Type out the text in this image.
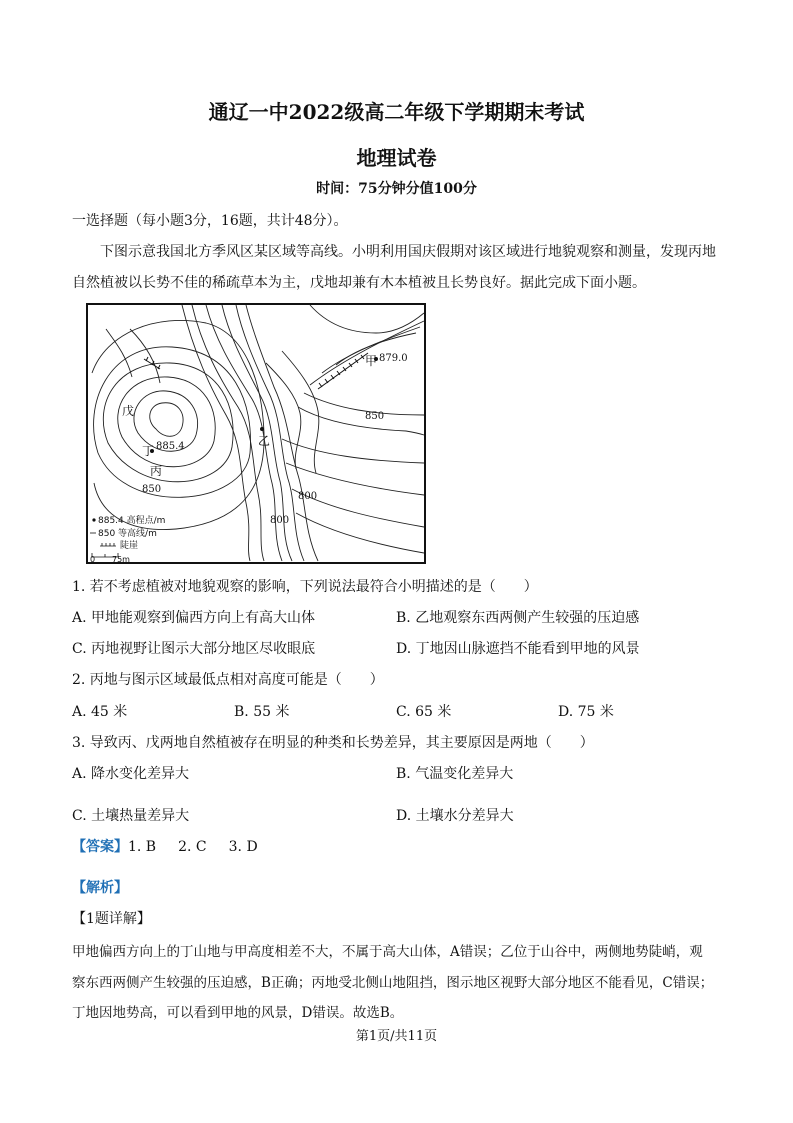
通辽一中2022级高二年级下学期期末考试
地理试卷
时间：75分钟分值100分
一选择题（每小题3分，16题，共计48分）。
下图示意我国北方季风区某区域等高线。小明利用国庆假期对该区域进行地貌观察和测量，发现丙地
自然植被以长势不佳的稀疏草本为主，戊地却兼有木本植被且长势良好。据此完成下面小题。
甲 879.0
850
戊
丁 885.4
丙
850
乙
800
800
885.4 高程点/m
850 等高线/m
陡崖
0 75m
1. 若不考虑植被对地貌观察的影响，下列说法最符合小明描述的是（　　）
A. 甲地能观察到偏西方向上有高大山体	B. 乙地观察东西两侧产生较强的压迫感
C. 丙地视野让图示大部分地区尽收眼底	D. 丁地因山脉遮挡不能看到甲地的风景
2. 丙地与图示区域最低点相对高度可能是（　　）
A. 45 米	B. 55 米	C. 65 米	D. 75 米
3. 导致丙、戊两地自然植被存在明显的种类和长势差异，其主要原因是两地（　　）
A. 降水变化差异大	B. 气温变化差异大
C. 土壤热量差异大	D. 土壤水分差异大
【答案】1. B 2. C 3. D
【解析】
【1题详解】
甲地偏西方向上的丁山地与甲高度相差不大，不属于高大山体，A错误；乙位于山谷中，两侧地势陡峭，观
察东西两侧产生较强的压迫感，B正确；丙地受北侧山地阻挡，图示地区视野大部分地区不能看见，C错误；
丁地因地势高，可以看到甲地的风景，D错误。故选B。
第1页/共11页
